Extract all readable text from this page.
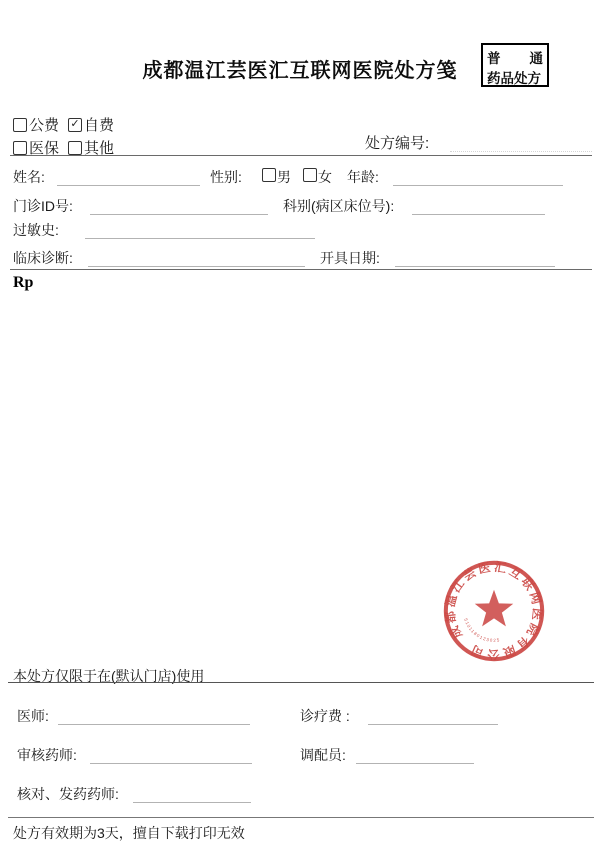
成都温江芸医汇互联网医院处方笺
普 通
药品处方
公费 ✓ 自费
医保 其他	处方编号:
姓名:	性别:	男 女 年龄:
门诊ID号:	科别(病区床位号):
过敏史:
临床诊断:	开具日期:
Rp
成都温江芸医汇互联网医院有限公司
5101180123025
本处方仅限于在(默认门店)使用
医师:	诊疗费 :
审核药师:	调配员:
核对、发药药师:
处方有效期为3天，擅自下载打印无效
